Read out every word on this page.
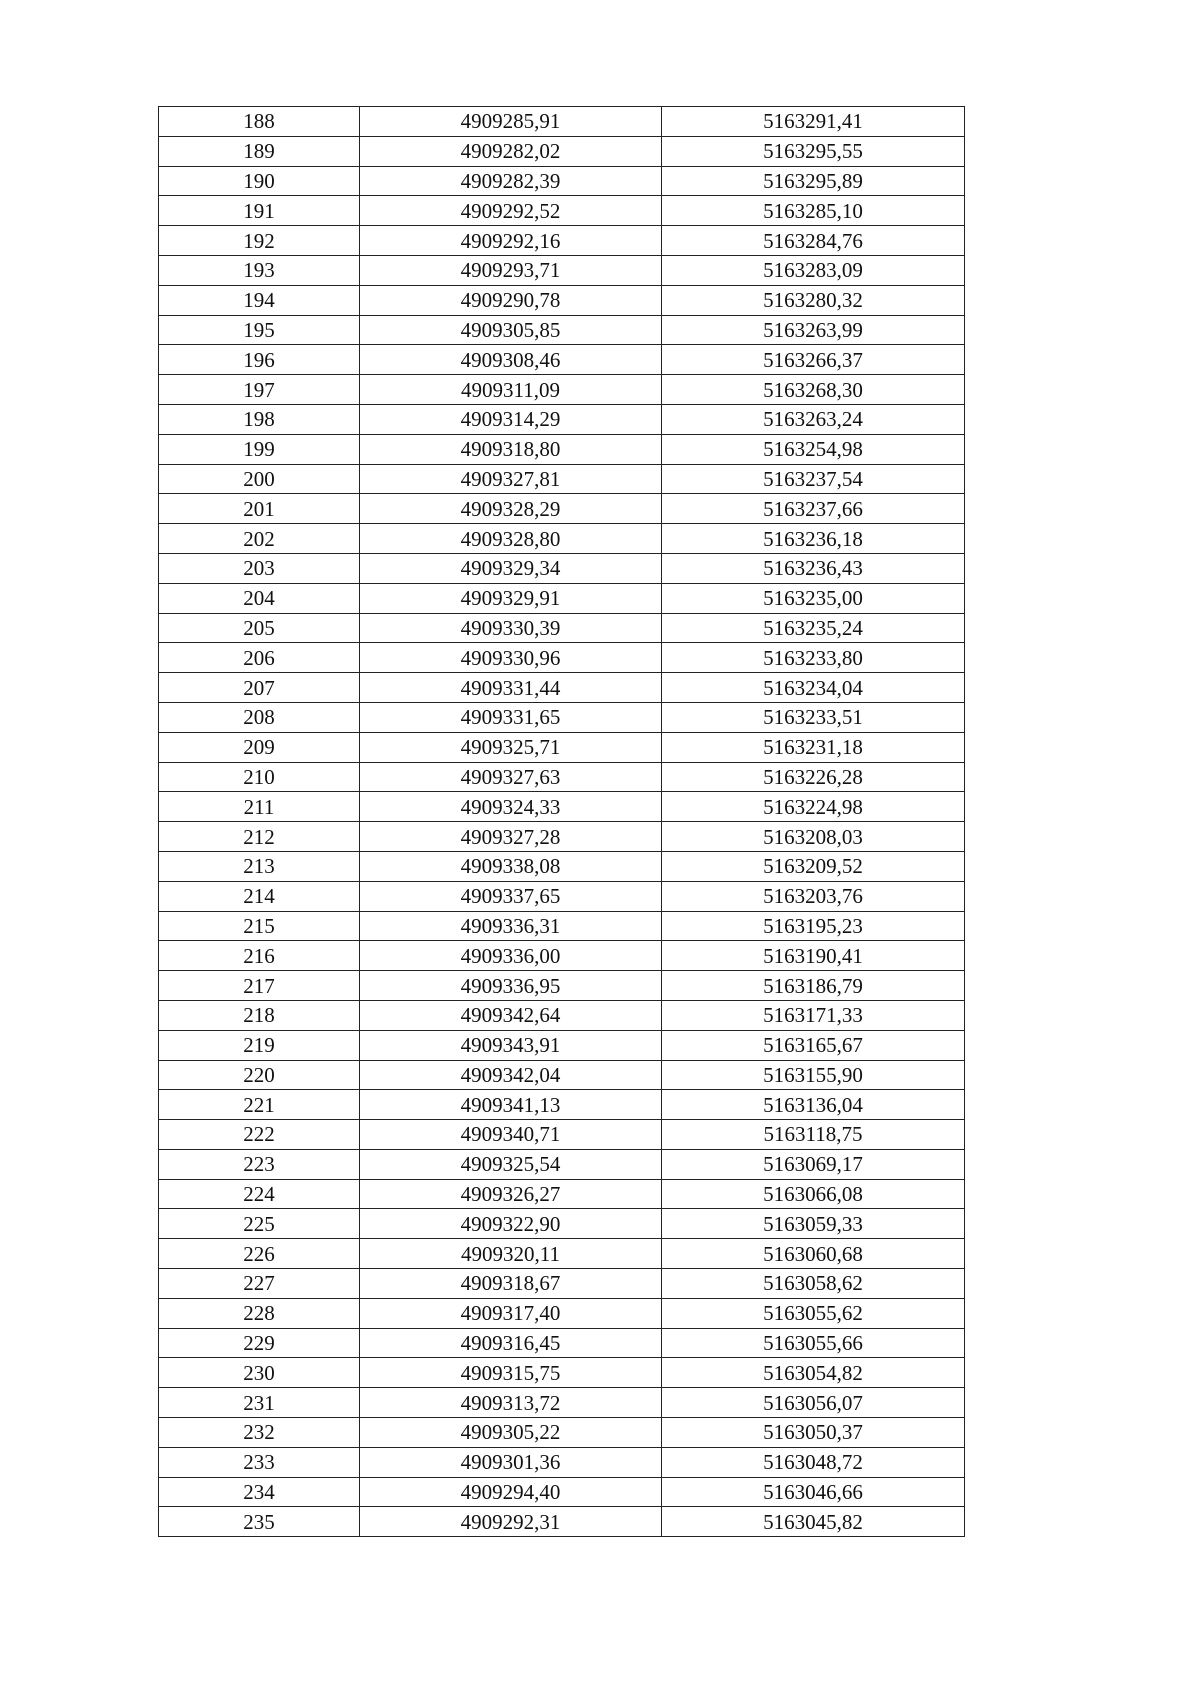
188	4909285,91	5163291,41
189	4909282,02	5163295,55
190	4909282,39	5163295,89
191	4909292,52	5163285,10
192	4909292,16	5163284,76
193	4909293,71	5163283,09
194	4909290,78	5163280,32
195	4909305,85	5163263,99
196	4909308,46	5163266,37
197	4909311,09	5163268,30
198	4909314,29	5163263,24
199	4909318,80	5163254,98
200	4909327,81	5163237,54
201	4909328,29	5163237,66
202	4909328,80	5163236,18
203	4909329,34	5163236,43
204	4909329,91	5163235,00
205	4909330,39	5163235,24
206	4909330,96	5163233,80
207	4909331,44	5163234,04
208	4909331,65	5163233,51
209	4909325,71	5163231,18
210	4909327,63	5163226,28
211	4909324,33	5163224,98
212	4909327,28	5163208,03
213	4909338,08	5163209,52
214	4909337,65	5163203,76
215	4909336,31	5163195,23
216	4909336,00	5163190,41
217	4909336,95	5163186,79
218	4909342,64	5163171,33
219	4909343,91	5163165,67
220	4909342,04	5163155,90
221	4909341,13	5163136,04
222	4909340,71	5163118,75
223	4909325,54	5163069,17
224	4909326,27	5163066,08
225	4909322,90	5163059,33
226	4909320,11	5163060,68
227	4909318,67	5163058,62
228	4909317,40	5163055,62
229	4909316,45	5163055,66
230	4909315,75	5163054,82
231	4909313,72	5163056,07
232	4909305,22	5163050,37
233	4909301,36	5163048,72
234	4909294,40	5163046,66
235	4909292,31	5163045,82
